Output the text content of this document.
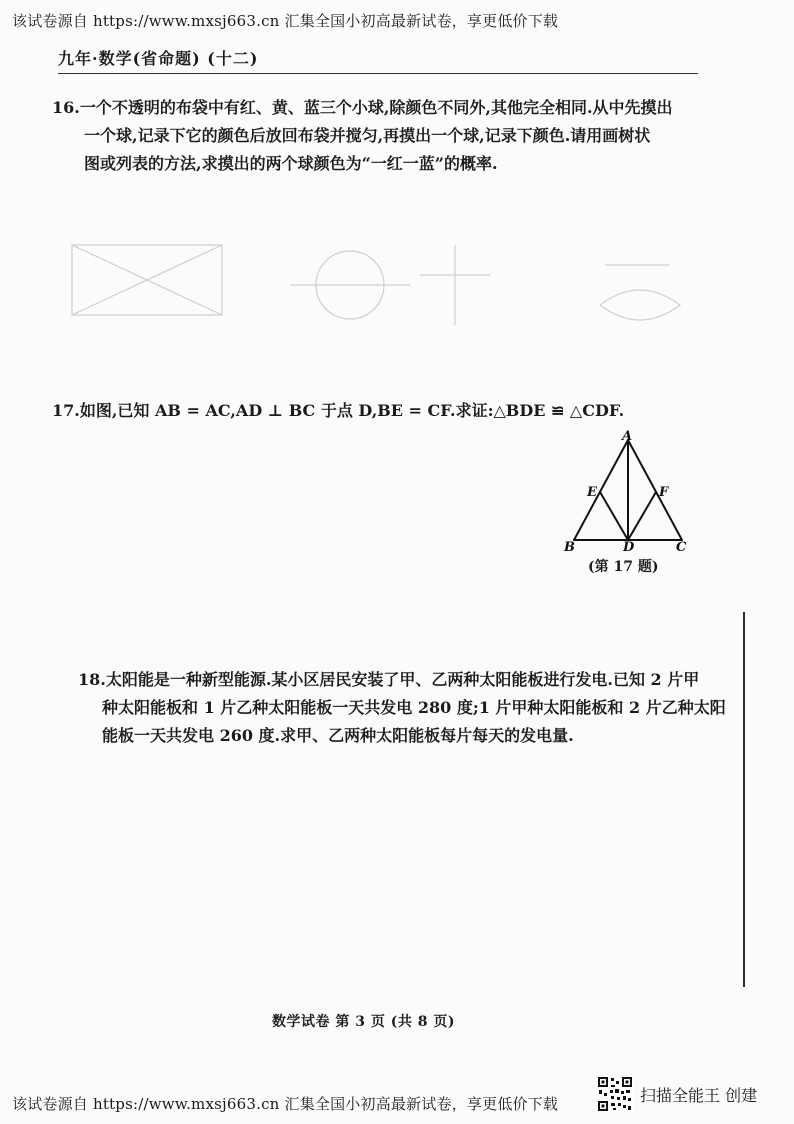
该试卷源自 https://www.mxsj663.cn 汇集全国小初高最新试卷，享更低价下载
九年·数学(省命题) (十二)

16.一个不透明的布袋中有红、黄、蓝三个小球,除颜色不同外,其他完全相同.从中先摸出

一个球,记录下它的颜色后放回布袋并搅匀,再摸出一个球,记录下颜色.请用画树状

图或列表的方法,求摸出的两个球颜色为“一红一蓝”的概率.

17.如图,已知 AB = AC,AD ⊥ BC 于点 D,BE = CF.求证:△BDE ≌ △CDF.

A
B	C
D
E	F
(第 17 题)

18.太阳能是一种新型能源.某小区居民安装了甲、乙两种太阳能板进行发电.已知 2 片甲

种太阳能板和 1 片乙种太阳能板一天共发电 280 度;1 片甲种太阳能板和 2 片乙种太阳

能板一天共发电 260 度.求甲、乙两种太阳能板每片每天的发电量.

数学试卷 第 3 页 (共 8 页)
该试卷源自 https://www.mxsj663.cn 汇集全国小初高最新试卷，享更低价下载	扫描全能王 创建
